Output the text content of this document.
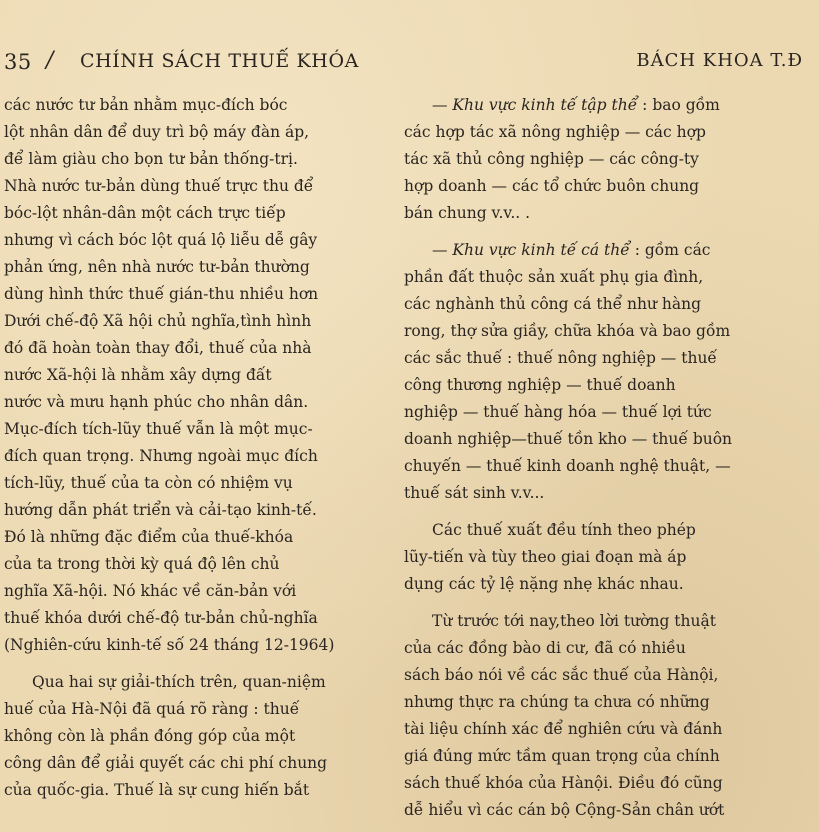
35 / CHÍNH SÁCH THUẾ KHÓA	BÁCH KHOA T.Đ
các nước tư bản nhằm mục-đích bóc
lột nhân dân để duy trì bộ máy đàn áp,
để làm giàu cho bọn tư bản thống-trị.
Nhà nước tư-bản dùng thuế trực thu để
bóc-lột nhân-dân một cách trực tiếp
nhưng vì cách bóc lột quá lộ liễu dễ gây
phản ứng, nên nhà nước tư-bản thường
dùng hình thức thuế gián-thu nhiều hơn
Dưới chế-độ Xã hội chủ nghĩa,tình hình
đó đã hoàn toàn thay đổi, thuế của nhà
nước Xã-hội là nhằm xây dựng đất
nước và mưu hạnh phúc cho nhân dân.
Mục-đích tích-lũy thuế vẫn là một mục-
đích quan trọng. Nhưng ngoài mục đích
tích-lũy, thuế của ta còn có nhiệm vụ
hướng dẫn phát triển và cải-tạo kinh-tế.
Đó là những đặc điểm của thuế-khóa
của ta trong thời kỳ quá độ lên chủ
nghĩa Xã-hội. Nó khác về căn-bản với
thuế khóa dưới chế-độ tư-bản chủ-nghĩa
(Nghiên-cứu kinh-tế số 24 tháng 12-1964)
Qua hai sự giải-thích trên, quan-niệm
huế của Hà-Nội đã quá rõ ràng : thuế
không còn là phần đóng góp của một
công dân để giải quyết các chi phí chung
của quốc-gia. Thuế là sự cung hiến bắt
— Khu vực kinh tế tập thể : bao gồm
các hợp tác xã nông nghiệp — các hợp
tác xã thủ công nghiệp — các công-ty
hợp doanh — các tổ chức buôn chung
bán chung v.v.. .
— Khu vực kinh tế cá thể : gồm các
phần đất thuộc sản xuất phụ gia đình,
các nghành thủ công cá thể như hàng
rong, thợ sửa giầy, chữa khóa và bao gồm
các sắc thuế : thuế nông nghiệp — thuế
công thương nghiệp — thuế doanh
nghiệp — thuế hàng hóa — thuế lợi tức
doanh nghiệp—thuế tồn kho — thuế buôn
chuyến — thuế kinh doanh nghệ thuật, —
thuế sát sinh v.v...
Các thuế xuất đều tính theo phép
lũy-tiến và tùy theo giai đoạn mà áp
dụng các tỷ lệ nặng nhẹ khác nhau.
Từ trước tới nay,theo lời tường thuật
của các đồng bào di cư, đã có nhiều
sách báo nói về các sắc thuế của Hànội,
nhưng thực ra chúng ta chưa có những
tài liệu chính xác để nghiên cứu và đánh
giá đúng mức tầm quan trọng của chính
sách thuế khóa của Hànội. Điều đó cũng
dễ hiểu vì các cán bộ Cộng-Sản chân ướt
